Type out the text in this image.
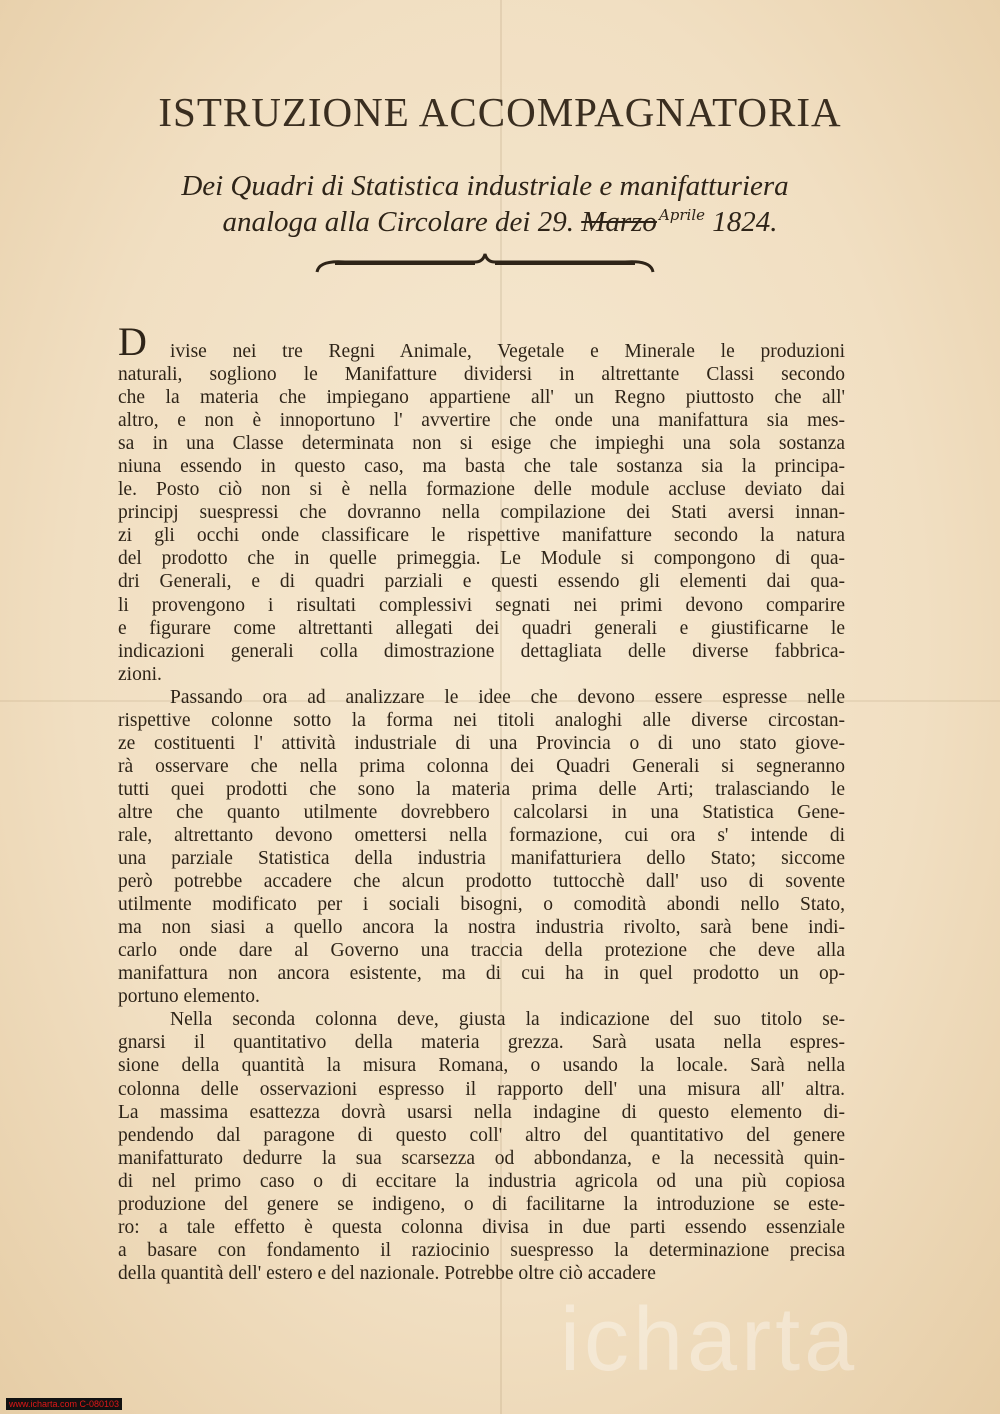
ISTRUZIONE ACCOMPAGNATORIA
Dei Quadri di Statistica industriale e manifatturiera
analoga alla Circolare dei 29. Marzo $^{Aprile}$ 1824.
D ivise nei tre Regni Animale, Vegetale e Minerale le produzioni
naturali, sogliono le Manifatture dividersi in altrettante Classi secondo
che la materia che impiegano appartiene all' un Regno piuttosto che all'
altro, e non è innoportuno l' avvertire che onde una manifattura sia mes-
sa in una Classe determinata non si esige che impieghi una sola sostanza
niuna essendo in questo caso, ma basta che tale sostanza sia la principa-
le. Posto ciò non si è nella formazione delle module accluse deviato dai
principj suespressi che dovranno nella compilazione dei Stati aversi innan-
zi gli occhi onde classificare le rispettive manifatture secondo la natura
del prodotto che in quelle primeggia. Le Module si compongono di qua-
dri Generali, e di quadri parziali e questi essendo gli elementi dai qua-
li provengono i risultati complessivi segnati nei primi devono comparire
e figurare come altrettanti allegati dei quadri generali e giustificarne le
indicazioni generali colla dimostrazione dettagliata delle diverse fabbrica-
zioni.
Passando ora ad analizzare le idee che devono essere espresse nelle
rispettive colonne sotto la forma nei titoli analoghi alle diverse circostan-
ze costituenti l' attività industriale di una Provincia o di uno stato giove-
rà osservare che nella prima colonna dei Quadri Generali si segneranno
tutti quei prodotti che sono la materia prima delle Arti; tralasciando le
altre che quanto utilmente dovrebbero calcolarsi in una Statistica Gene-
rale, altrettanto devono omettersi nella formazione, cui ora s' intende di
una parziale Statistica della industria manifatturiera dello Stato; siccome
però potrebbe accadere che alcun prodotto tuttocchè dall' uso di sovente
utilmente modificato per i sociali bisogni, o comodità abondi nello Stato,
ma non siasi a quello ancora la nostra industria rivolto, sarà bene indi-
carlo onde dare al Governo una traccia della protezione che deve alla
manifattura non ancora esistente, ma di cui ha in quel prodotto un op-
portuno elemento.
Nella seconda colonna deve, giusta la indicazione del suo titolo se-
gnarsi il quantitativo della materia grezza. Sarà usata nella espres-
sione della quantità la misura Romana, o usando la locale. Sarà nella
colonna delle osservazioni espresso il rapporto dell' una misura all' altra.
La massima esattezza dovrà usarsi nella indagine di questo elemento di-
pendendo dal paragone di questo coll' altro del quantitativo del genere
manifatturato dedurre la sua scarsezza od abbondanza, e la necessità quin-
di nel primo caso o di eccitare la industria agricola od una più copiosa
produzione del genere se indigeno, o di facilitarne la introduzione se este-
ro: a tale effetto è questa colonna divisa in due parti essendo essenziale
a basare con fondamento il raziocinio suespresso la determinazione precisa
della quantità dell' estero e del nazionale. Potrebbe oltre ciò accadere
icharta
www.icharta.com C-080103
